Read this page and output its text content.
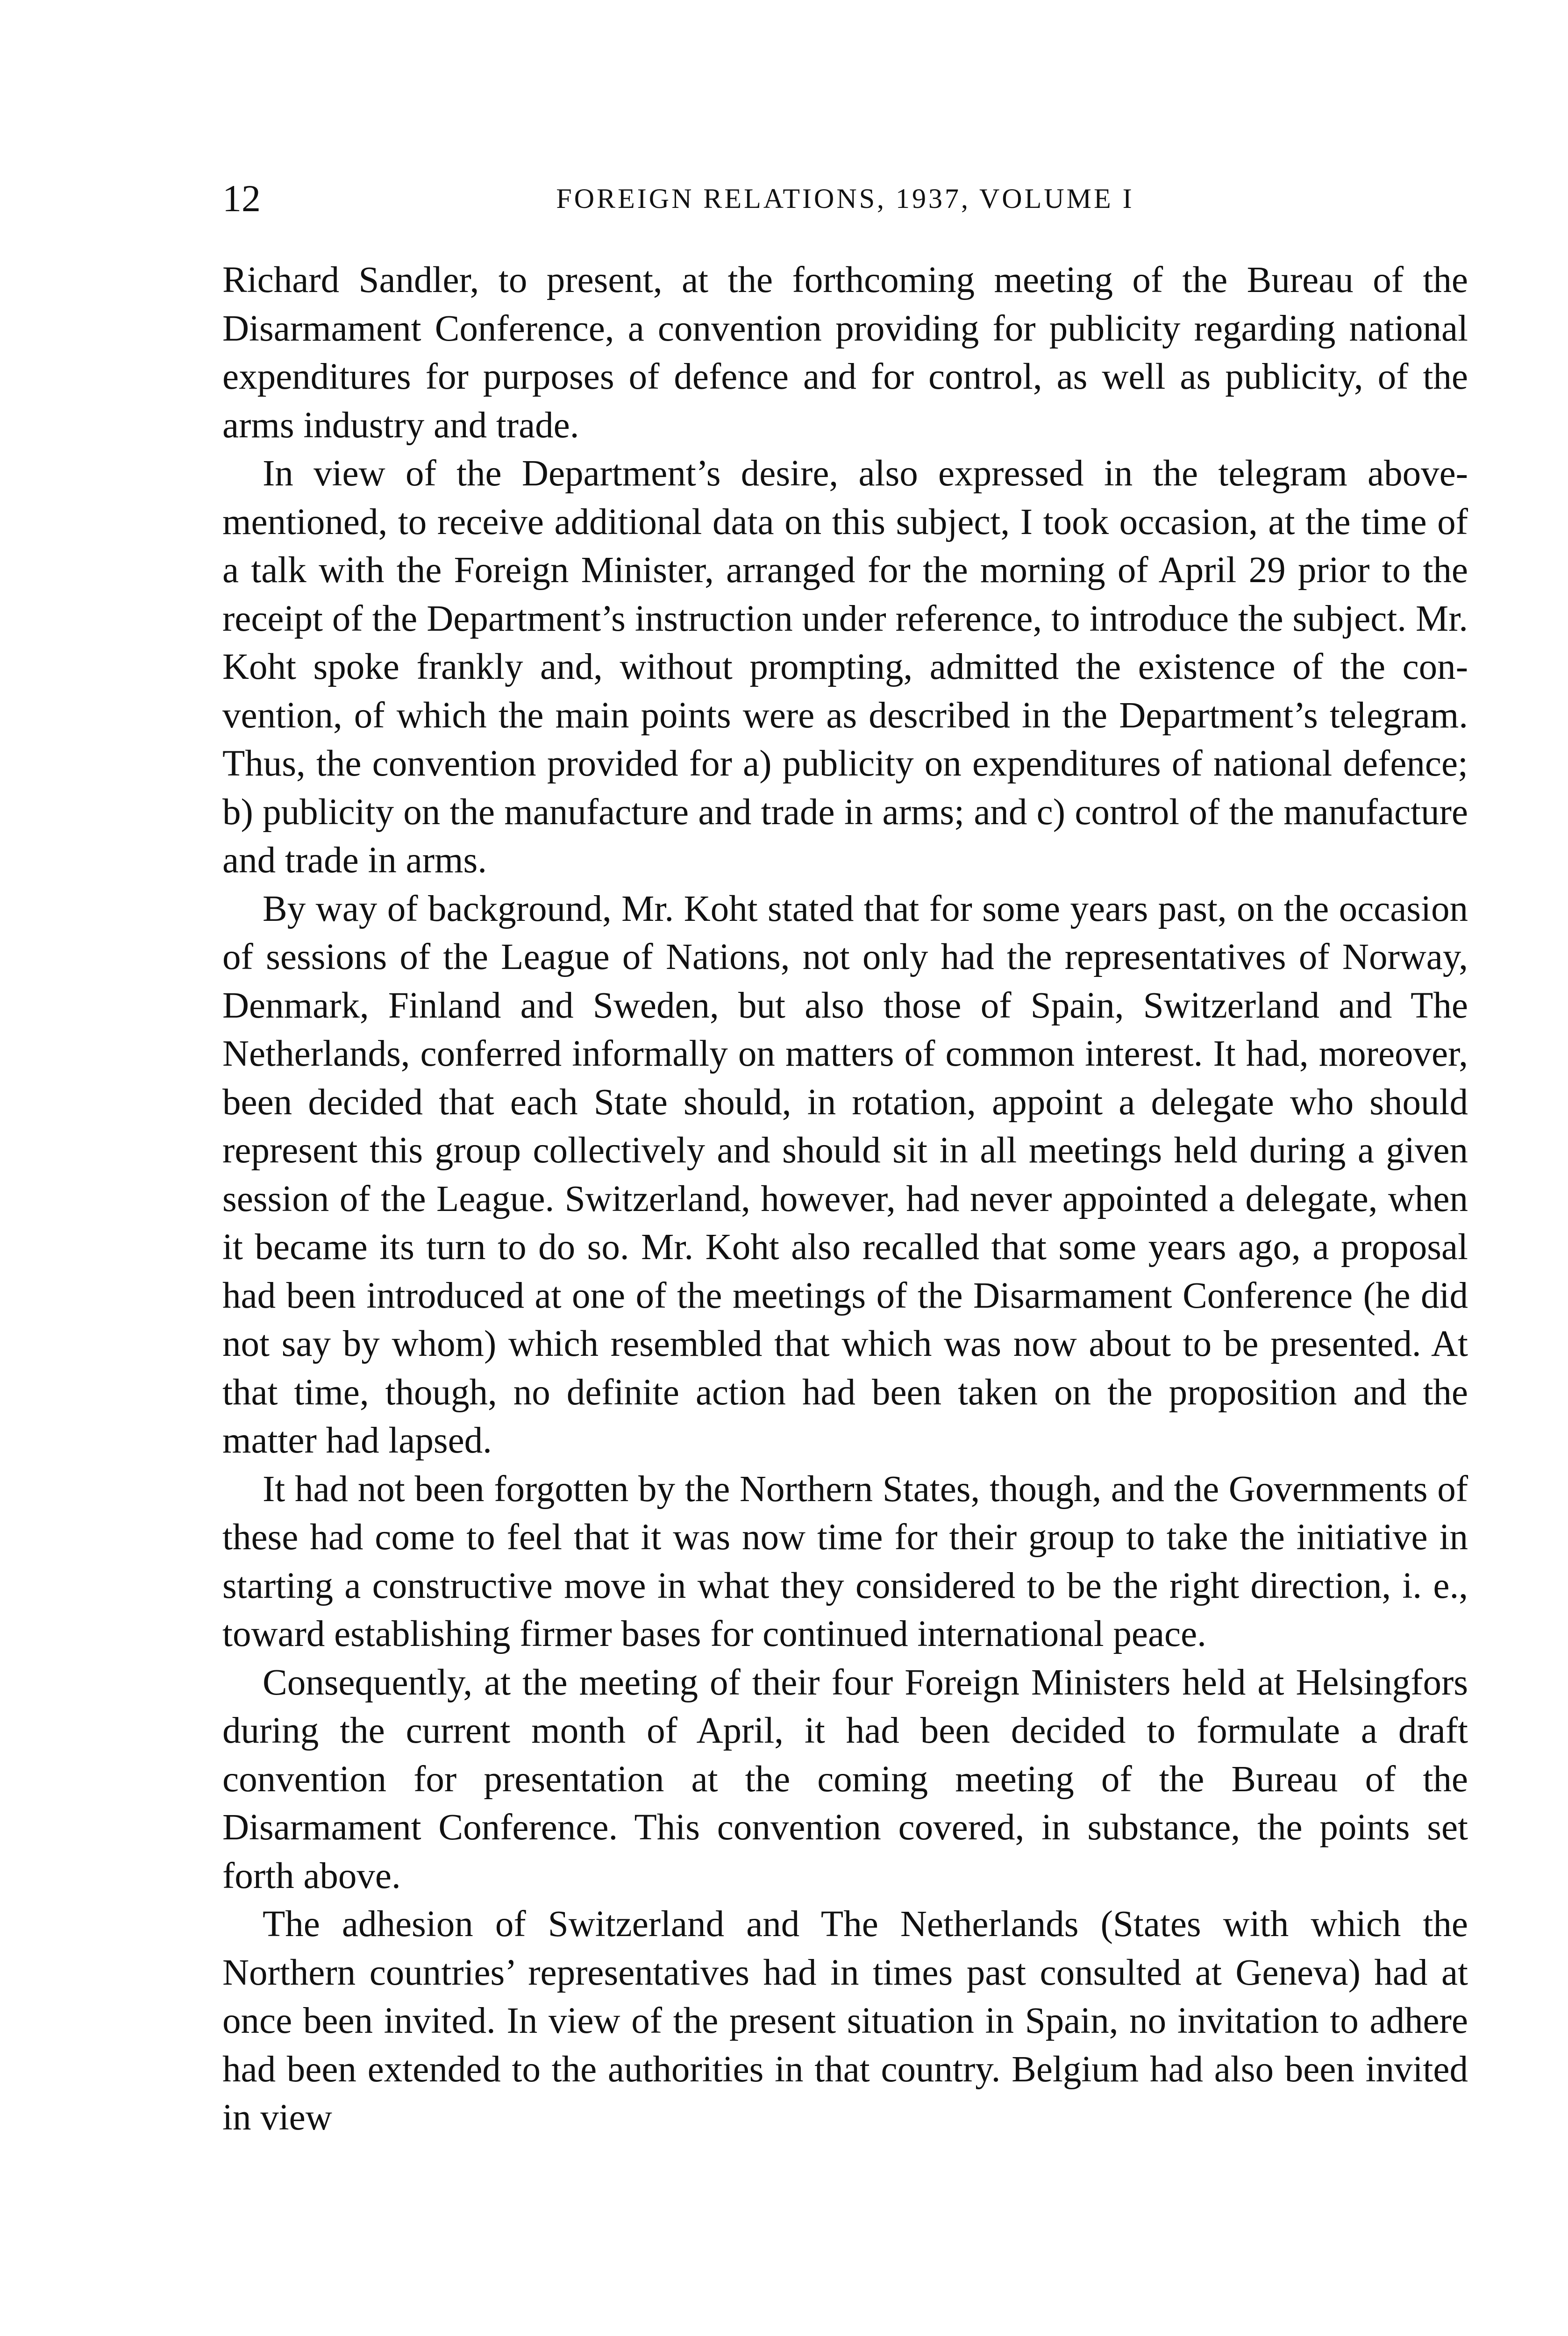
12	FOREIGN RELATIONS, 1937, VOLUME I

Richard Sandler, to present, at the forthcoming meeting of the Bureau of the Disarmament Conference, a convention providing for publicity regarding national expenditures for purposes of defence and for control, as well as publicity, of the arms industry and trade.

In view of the Department’s desire, also expressed in the telegram above-mentioned, to receive additional data on this subject, I took occasion, at the time of a talk with the Foreign Minister, arranged for the morning of April 29 prior to the receipt of the Department’s instruction under reference, to introduce the subject. Mr. Koht spoke frankly and, without prompting, admitted the existence of the convention, of which the main points were as described in the Department’s telegram. Thus, the convention provided for a) publicity on expenditures of national defence; b) publicity on the manufacture and trade in arms; and c) control of the manufacture and trade in arms.

By way of background, Mr. Koht stated that for some years past, on the occasion of sessions of the League of Nations, not only had the representatives of Norway, Denmark, Finland and Sweden, but also those of Spain, Switzerland and The Netherlands, conferred informally on matters of common interest. It had, moreover, been decided that each State should, in rotation, appoint a delegate who should represent this group collectively and should sit in all meetings held during a given session of the League. Switzerland, however, had never appointed a delegate, when it became its turn to do so. Mr. Koht also recalled that some years ago, a proposal had been introduced at one of the meetings of the Disarmament Conference (he did not say by whom) which resembled that which was now about to be presented. At that time, though, no definite action had been taken on the proposition and the matter had lapsed.

It had not been forgotten by the Northern States, though, and the Governments of these had come to feel that it was now time for their group to take the initiative in starting a constructive move in what they considered to be the right direction, i. e., toward establishing firmer bases for continued international peace.

Consequently, at the meeting of their four Foreign Ministers held at Helsingfors during the current month of April, it had been decided to formulate a draft convention for presentation at the coming meeting of the Bureau of the Disarmament Conference. This convention covered, in substance, the points set forth above.

The adhesion of Switzerland and The Netherlands (States with which the Northern countries’ representatives had in times past consulted at Geneva) had at once been invited. In view of the present situation in Spain, no invitation to adhere had been extended to the authorities in that country. Belgium had also been invited in view
